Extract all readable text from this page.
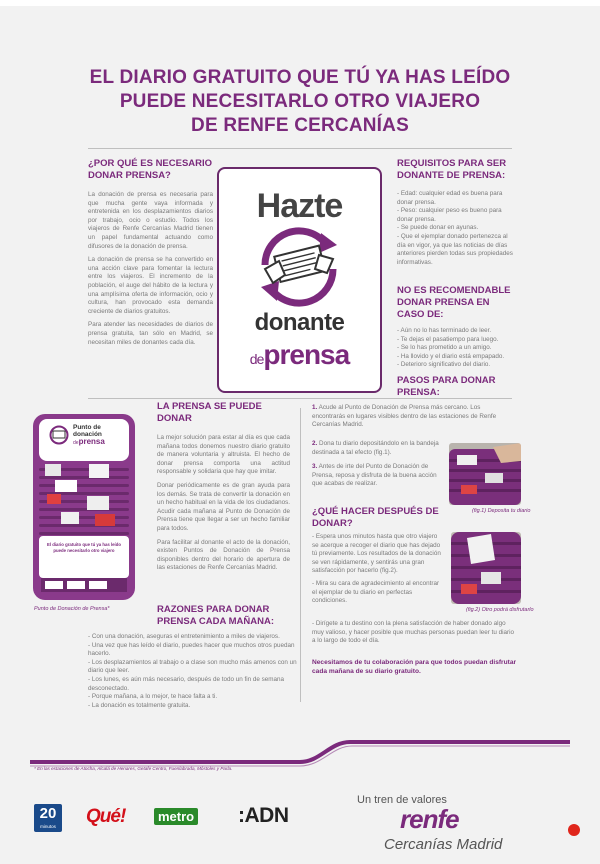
EL DIARIO GRATUITO QUE TÚ YA HAS LEÍDO
PUEDE NECESITARLO OTRO VIAJERO
DE RENFE CERCANÍAS
¿POR QUÉ ES NECESARIO
DONAR PRENSA?

La donación de prensa es necesaria para que mucha gente vaya informada y entretenida en los desplazamientos diarios por trabajo, ocio o estudio. Todos los viajeros de Renfe Cercanías Madrid tienen un papel fundamental actuando como difusores de la donación de prensa.

La donación de prensa se ha convertido en una acción clave para fomentar la lectura entre los viajeros. El incremento de la población, el auge del hábito de la lectura y una amplísima oferta de información, ocio y cultura, han provocado esta demanda creciente de diarios gratuitos.

Para atender las necesidades de diarios de prensa gratuita, tan sólo en Madrid, se necesitan miles de donantes cada día.

Hazte
donante
deprensa
REQUISITOS PARA SER
DONANTE DE PRENSA:
- Edad: cualquier edad es buena para donar prensa.
- Peso: cualquier peso es bueno para donar prensa.
- Se puede donar en ayunas.
- Que el ejemplar donado pertenezca al día en vigor, ya que las noticias de días anteriores pierden todas sus propiedades informativas.
NO ES RECOMENDABLE
DONAR PRENSA EN CASO DE:
- Aún no lo has terminado de leer.
- Te dejas el pasatiempo para luego.
- Se lo has prometido a un amigo.
- Ha llovido y el diario está empapado.
- Deterioro significativo del diario.
PASOS PARA DONAR
PRENSA:
Punto de
donación
deprensa
El diario gratuito que tú ya has leído puede necesitarlo otro viajero
Punto de Donación de Prensa*
LA PRENSA SE PUEDE DONAR

La mejor solución para estar al día es que cada mañana todos donemos nuestro diario gratuito de manera voluntaria y altruista. El hecho de donar prensa comporta una actitud responsable y solidaria que hay que imitar.

Donar periódicamente es de gran ayuda para los demás. Se trata de convertir la donación en un hecho habitual en la vida de los ciudadanos. Acudir cada mañana al Punto de Donación de Prensa tiene que llegar a ser un hecho familiar para todos.

Para facilitar al donante el acto de la donación, existen Puntos de Donación de Prensa disponibles dentro del horario de apertura de las estaciones de Renfe Cercanías Madrid.

RAZONES PARA DONAR
PRENSA CADA MAÑANA:
- Con una donación, aseguras el entretenimiento a miles de viajeros.
- Una vez que has leído el diario, puedes hacer que muchos otros puedan hacerlo.
- Los desplazamientos al trabajo o a clase son mucho más amenos con un diario que leer.
- Los lunes, es aún más necesario, después de todo un fin de semana desconectado.
- Porque mañana, a lo mejor, te hace falta a ti.
- La donación es totalmente gratuita.
1. Acude al Punto de Donación de Prensa más cercano. Los encontrarás en lugares visibles dentro de las estaciones de Renfe Cercanías Madrid.
2. Dona tu diario depositándolo en la bandeja destinada a tal efecto (fig.1).
3. Antes de irte del Punto de Donación de Prensa, reposa y disfruta de la buena acción que acabas de realizar.
(fig.1) Deposita tu diario
¿QUÉ HACER DESPUÉS DE
DONAR?
- Espera unos minutos hasta que otro viajero se acerque a recoger el diario que has dejado tú previamente. Los resultados de la donación se ven rápidamente, y sentirás una gran satisfacción por hacerlo (fig.2).
- Mira su cara de agradecimiento al encontrar el ejemplar de tu diario en perfectas condiciones.
- Dirígete a tu destino con la plena satisfacción de haber donado algo muy valioso, y hacer posible que muchas personas puedan leer tu diario a lo largo de todo el día.
(fig.2) Otro podrá disfrutarlo
Necesitamos de tu colaboración para que todos puedan disfrutar cada mañana de su diario gratuito.
* En las estaciones de Atocha, Alcalá de Henares, Getafe Centro, Fuenlabrada, Móstoles y Parla.
20
minutos	Qué!	metro :ADN
Un tren de valores
renfe
Cercanías Madrid
